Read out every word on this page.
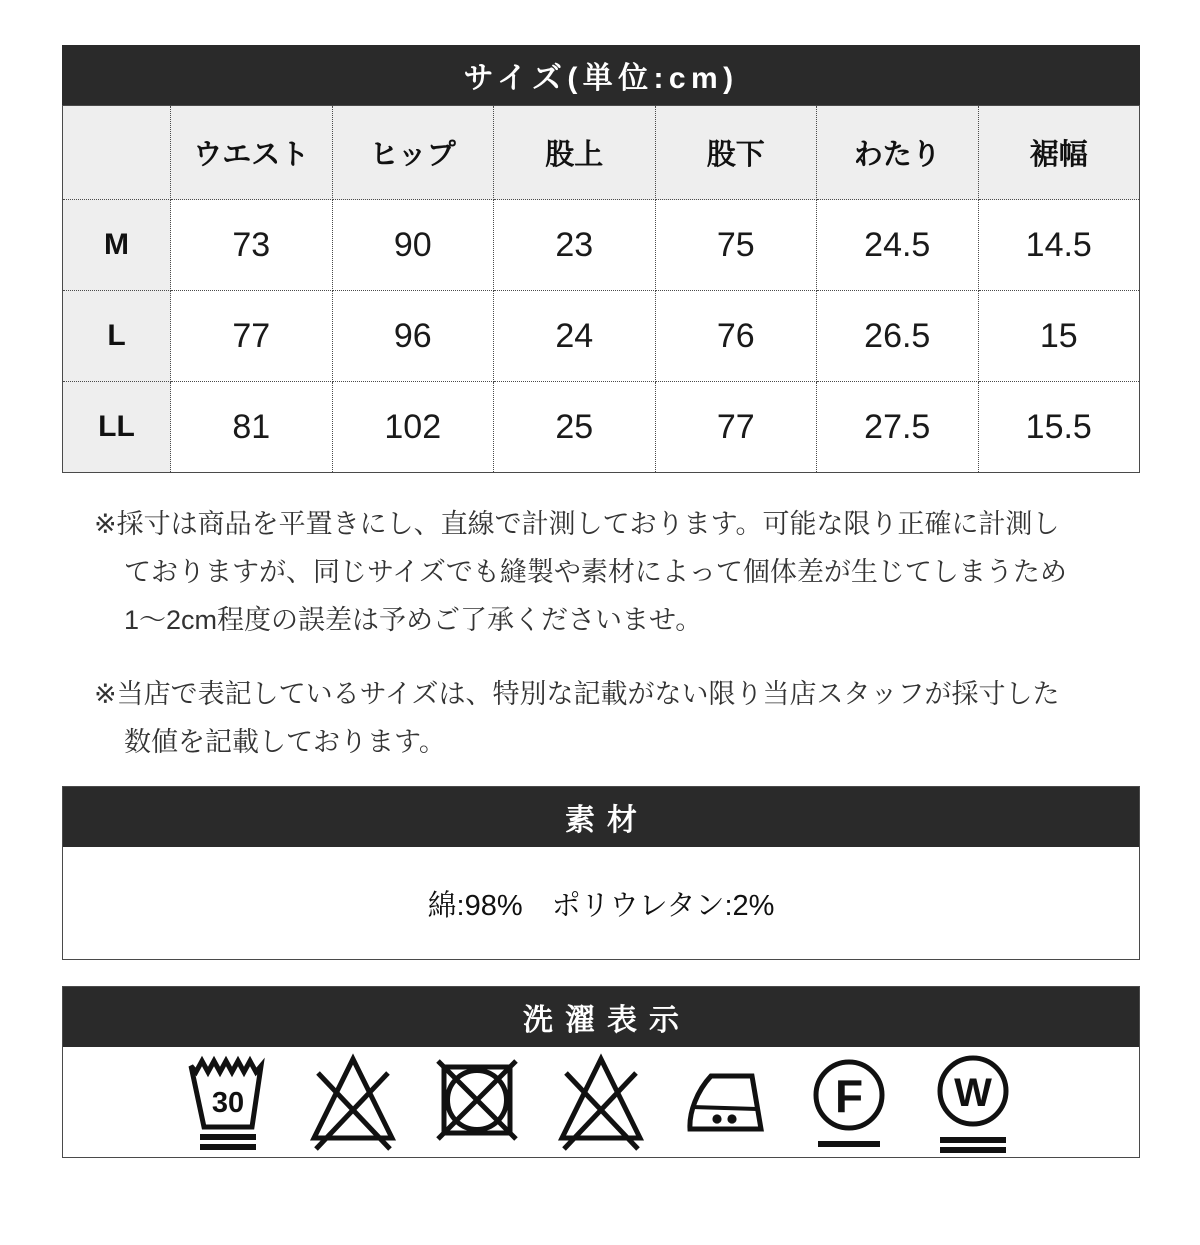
サイズ(単位:cm)
	ウエスト	ヒップ	股上	股下	わたり	裾幅
M	73	90	23	75	24.5	14.5
L	77	96	24	76	26.5	15
LL	81	102	25	77	27.5	15.5
※採寸は商品を平置きにし、直線で計測しております。可能な限り正確に計測し
ておりますが、同じサイズでも縫製や素材によって個体差が生じてしまうため
1〜2cm程度の誤差は予めご了承くださいませ。
※当店で表記しているサイズは、特別な記載がない限り当店スタッフが採寸した
数値を記載しております。
素材
綿:98%　ポリウレタン:2%
洗濯表示
30	F W
